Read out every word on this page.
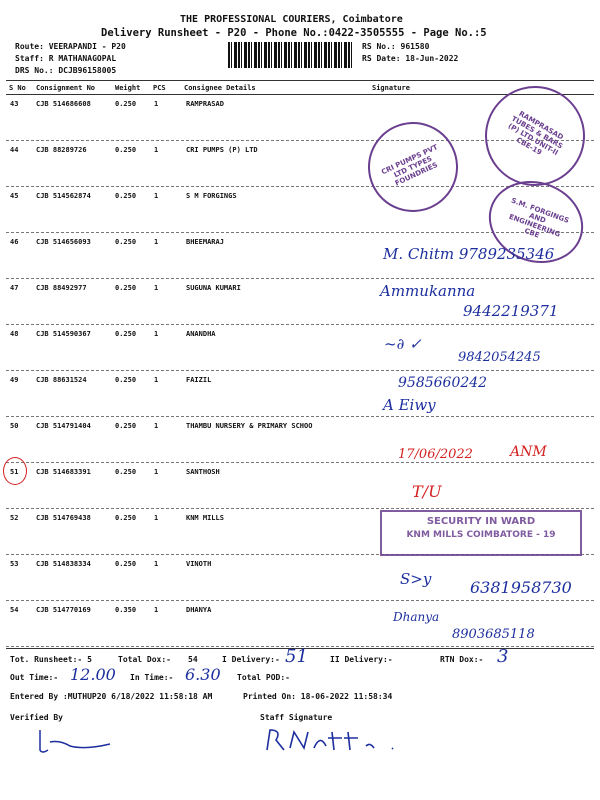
THE PROFESSIONAL COURIERS, Coimbatore
Delivery Runsheet - P20 - Phone No.:0422-3505555 - Page No.:5
Route: VEERAPANDI - P20
Staff: R MATHANAGOPAL
DRS No.: DCJB96158005
RS No.: 961580
RS Date: 18-Jun-2022
S No Consignment No	Weight PCS	Consignee Details	Signature
43	CJB 514686608	0.250	1	RAMPRASAD
44	CJB 88289726	0.250	1	CRI PUMPS (P) LTD
45	CJB 514562874	0.250	1	S M FORGINGS
46	CJB 514656093	0.250	1	BHEEMARAJ
47	CJB 88492977	0.250	1	SUGUNA KUMARI
48	CJB 514590367	0.250	1	ANANDHA
49	CJB 88631524	0.250	1	FAIZIL
50	CJB 514791404	0.250	1	THAMBU NURSERY & PRIMARY SCHOO
51	CJB 514683391	0.250	1	SANTHOSH
52	CJB 514769438	0.250	1	KNM MILLS
53	CJB 514838334	0.250	1	VINOTH
54	CJB 514770169	0.350	1	DHANYA
RAMPRASAD TUBES & BARS (P) LTD UNIT-II CBE-19
CRI PUMPS PVT LTD TYPES FOUNDRIES
S.M. FORGINGS AND ENGINEERING CBE
SECURITY IN WARD
KNM MILLS COIMBATORE - 19
M. Chitm 9789235346
Ammukanna
9442219371
~∂ ✓
9842054245
9585660242
A Eiwy
17/06/2022	ANM
T/U
S>y 6381958730
Dhanya
8903685118
Tot. Runsheet:- 5	Total Dox:- 54	I Delivery:- 51	II Delivery:-	RTN Dox:- 3
Out Time:- 12.00 In Time:- 6.30 Total POD:-
Entered By :MUTHUP20 6/18/2022 11:58:18 AM	Printed On: 18-06-2022 11:58:34
Verified By	Staff Signature
